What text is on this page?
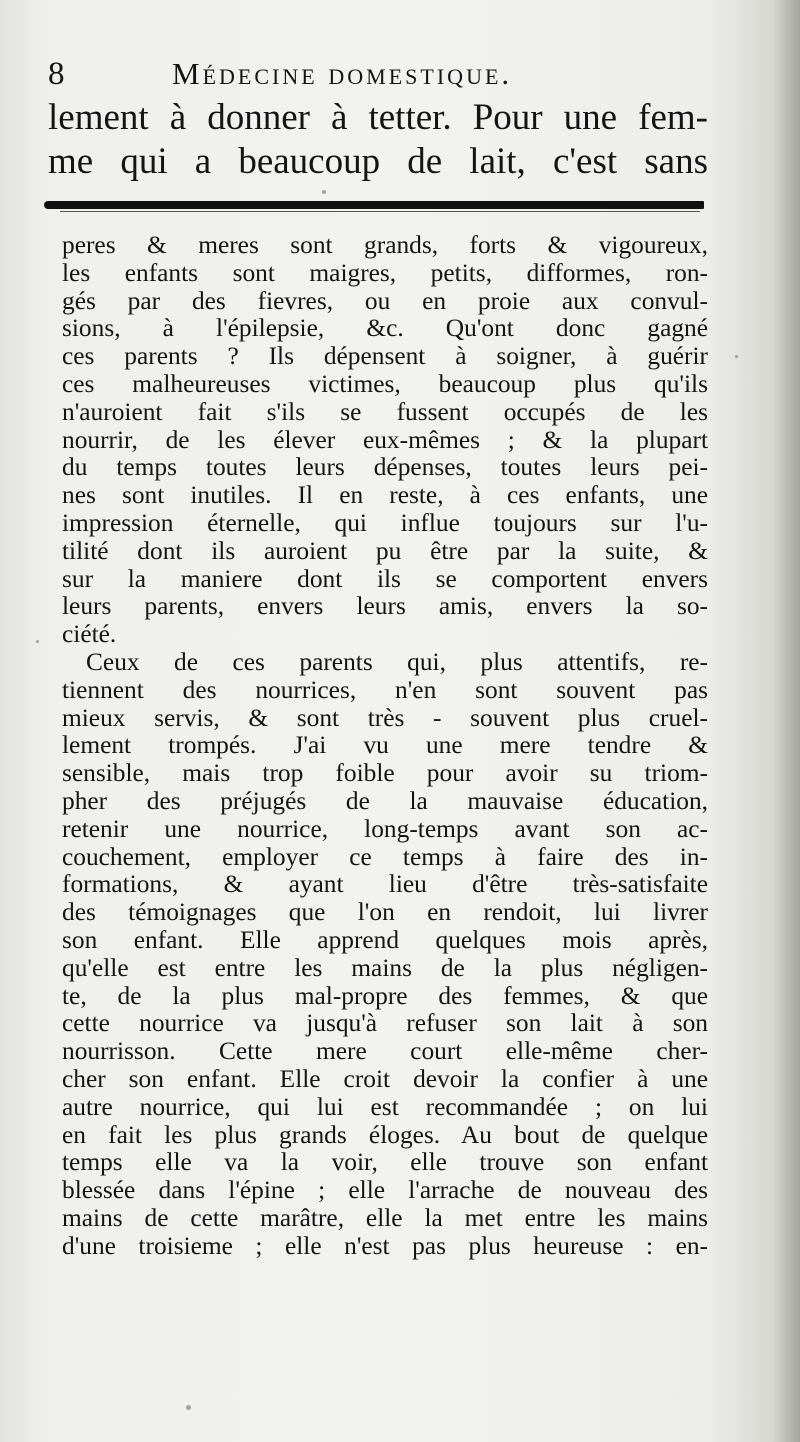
8	Médecine domestique.
lement à donner à tetter. Pour une fem-
me qui a beaucoup de lait, c'est sans
peres & meres sont grands, forts & vigoureux,
les enfants sont maigres, petits, difformes, ron-
gés par des fievres, ou en proie aux convul-
sions, à l'épilepsie, &c. Qu'ont donc gagné
ces parents ? Ils dépensent à soigner, à guérir
ces malheureuses victimes, beaucoup plus qu'ils
n'auroient fait s'ils se fussent occupés de les
nourrir, de les élever eux-mêmes ; & la plupart
du temps toutes leurs dépenses, toutes leurs pei-
nes sont inutiles. Il en reste, à ces enfants, une
impression éternelle, qui influe toujours sur l'u-
tilité dont ils auroient pu être par la suite, &
sur la maniere dont ils se comportent envers
leurs parents, envers leurs amis, envers la so-
ciété.
Ceux de ces parents qui, plus attentifs, re-
tiennent des nourrices, n'en sont souvent pas
mieux servis, & sont très - souvent plus cruel-
lement trompés. J'ai vu une mere tendre &
sensible, mais trop foible pour avoir su triom-
pher des préjugés de la mauvaise éducation,
retenir une nourrice, long-temps avant son ac-
couchement, employer ce temps à faire des in-
formations, & ayant lieu d'être très-satisfaite
des témoignages que l'on en rendoit, lui livrer
son enfant. Elle apprend quelques mois après,
qu'elle est entre les mains de la plus négligen-
te, de la plus mal-propre des femmes, & que
cette nourrice va jusqu'à refuser son lait à son
nourrisson. Cette mere court elle-même cher-
cher son enfant. Elle croit devoir la confier à une
autre nourrice, qui lui est recommandée ; on lui
en fait les plus grands éloges. Au bout de quelque
temps elle va la voir, elle trouve son enfant
blessée dans l'épine ; elle l'arrache de nouveau des
mains de cette marâtre, elle la met entre les mains
d'une troisieme ; elle n'est pas plus heureuse : en-
